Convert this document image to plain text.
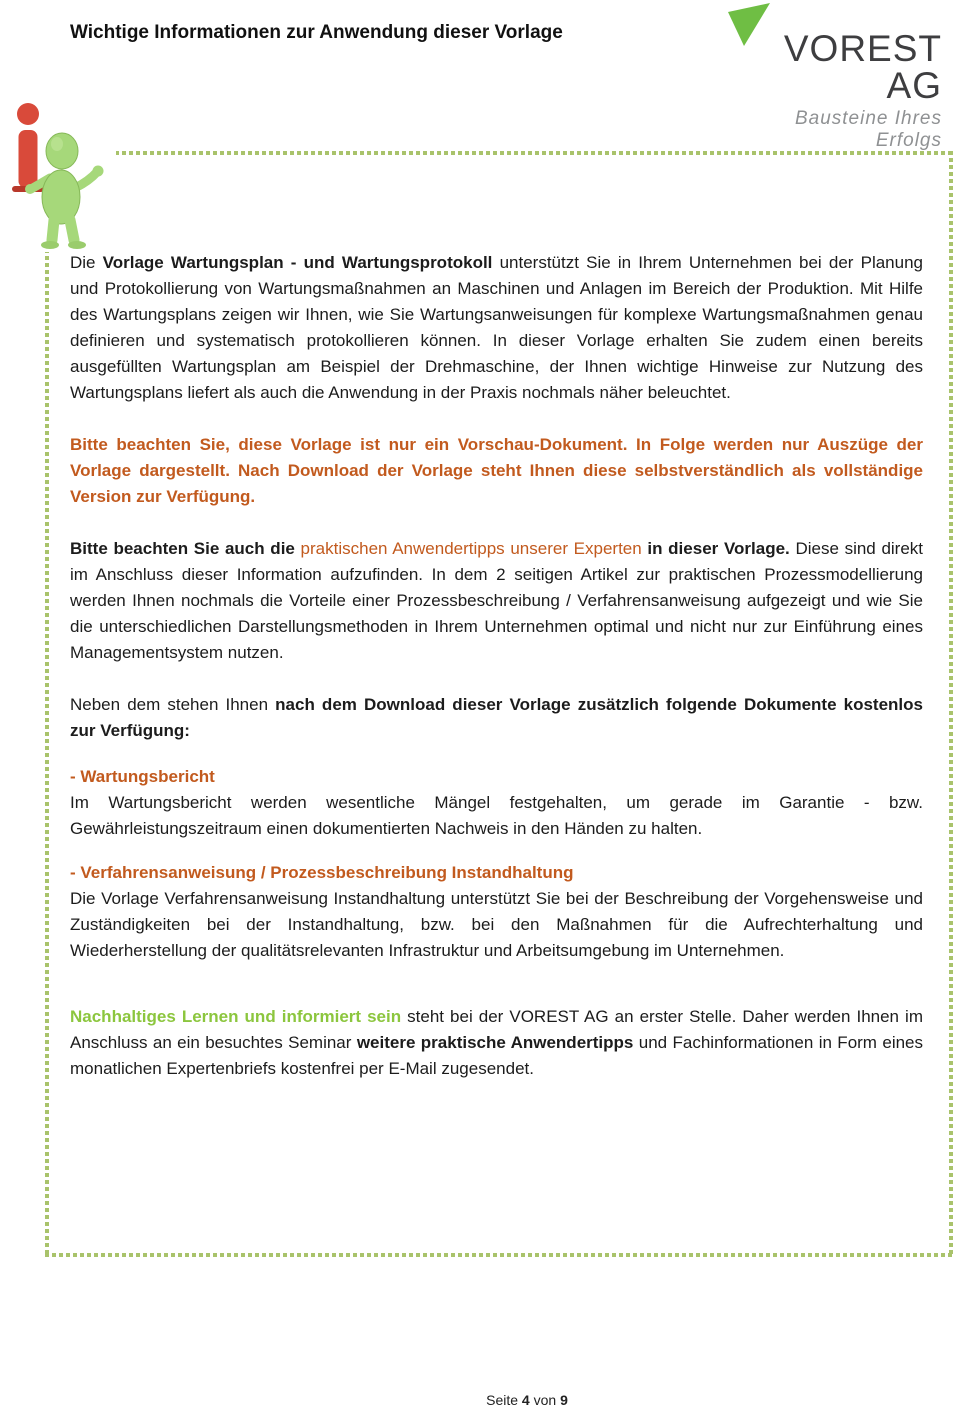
Wichtige Informationen zur Anwendung dieser Vorlage	VOREST AG
Bausteine Ihres Erfolgs

Die Vorlage Wartungsplan - und Wartungsprotokoll unterstützt Sie in Ihrem Unternehmen bei der Planung und Protokollierung von Wartungsmaßnahmen an Maschinen und Anlagen im Bereich der Produktion. Mit Hilfe des Wartungsplans zeigen wir Ihnen, wie Sie Wartungsanweisungen für komplexe Wartungsmaßnahmen genau definieren und systematisch protokollieren können. In dieser Vorlage erhalten Sie zudem einen bereits ausgefüllten Wartungsplan am Beispiel der Drehmaschine, der Ihnen wichtige Hinweise zur Nutzung des Wartungsplans liefert als auch die Anwendung in der Praxis nochmals näher beleuchtet.

Bitte beachten Sie, diese Vorlage ist nur ein Vorschau-Dokument. In Folge werden nur Auszüge der Vorlage dargestellt. Nach Download der Vorlage steht Ihnen diese selbstverständlich als vollständige Version zur Verfügung.

Bitte beachten Sie auch die praktischen Anwendertipps unserer Experten in dieser Vorlage. Diese sind direkt im Anschluss dieser Information aufzufinden. In dem 2 seitigen Artikel zur praktischen Prozessmodellierung werden Ihnen nochmals die Vorteile einer Prozessbeschreibung / Verfahrensanweisung aufgezeigt und wie Sie die unterschiedlichen Darstellungsmethoden in Ihrem Unternehmen optimal und nicht nur zur Einführung eines Managementsystem nutzen.

Neben dem stehen Ihnen nach dem Download dieser Vorlage zusätzlich folgende Dokumente kostenlos zur Verfügung:

- Wartungsbericht

Im Wartungsbericht werden wesentliche Mängel festgehalten, um gerade im Garantie - bzw. Gewährleistungszeitraum einen dokumentierten Nachweis in den Händen zu halten.

- Verfahrensanweisung / Prozessbeschreibung Instandhaltung

Die Vorlage Verfahrensanweisung Instandhaltung unterstützt Sie bei der Beschreibung der Vorgehensweise und Zuständigkeiten bei der Instandhaltung, bzw. bei den Maßnahmen für die Aufrechterhaltung und Wiederherstellung der qualitätsrelevanten Infrastruktur und Arbeitsumgebung im Unternehmen.

Nachhaltiges Lernen und informiert sein steht bei der VOREST AG an erster Stelle. Daher werden Ihnen im Anschluss an ein besuchtes Seminar weitere praktische Anwendertipps und Fachinformationen in Form eines monatlichen Expertenbriefs kostenfrei per E-Mail zugesendet.

Seite 4 von 9
